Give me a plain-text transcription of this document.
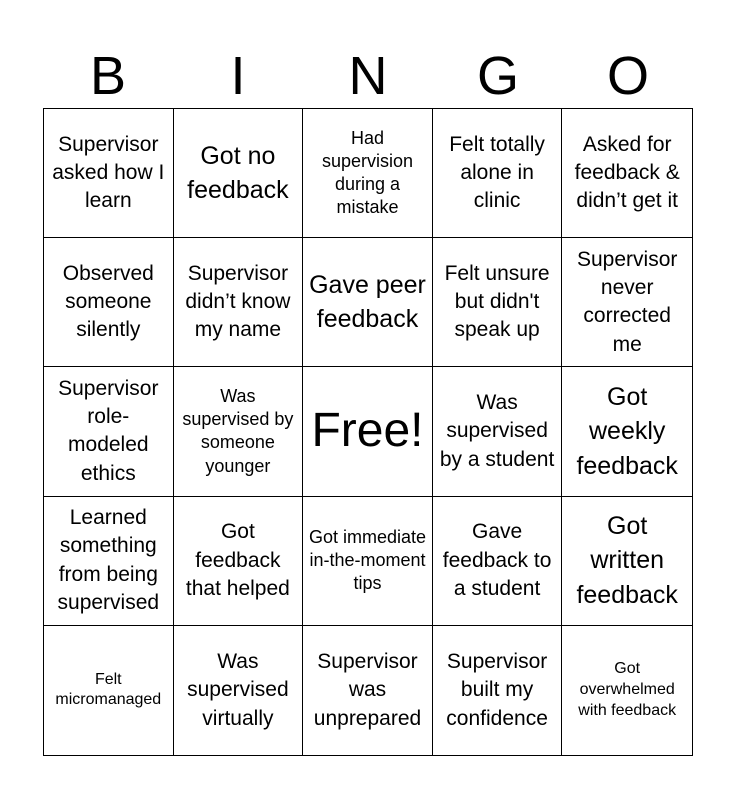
B	I	N	G	O
Supervisor asked how I learn
Got no feedback
Had supervision during a mistake
Felt totally alone in clinic
Asked for feedback & didn’t get it
Observed someone silently
Supervisor didn’t know my name
Gave peer feedback
Felt unsure but didn't speak up
Supervisor never corrected me
Supervisor role-modeled ethics
Was supervised by someone younger
Free!
Was supervised by a student
Got weekly feedback
Learned something from being supervised
Got feedback that helped
Got immediate in-the-moment tips
Gave feedback to a student
Got written feedback
Felt micromanaged
Was supervised virtually
Supervisor was unprepared
Supervisor built my confidence
Got overwhelmed with feedback
